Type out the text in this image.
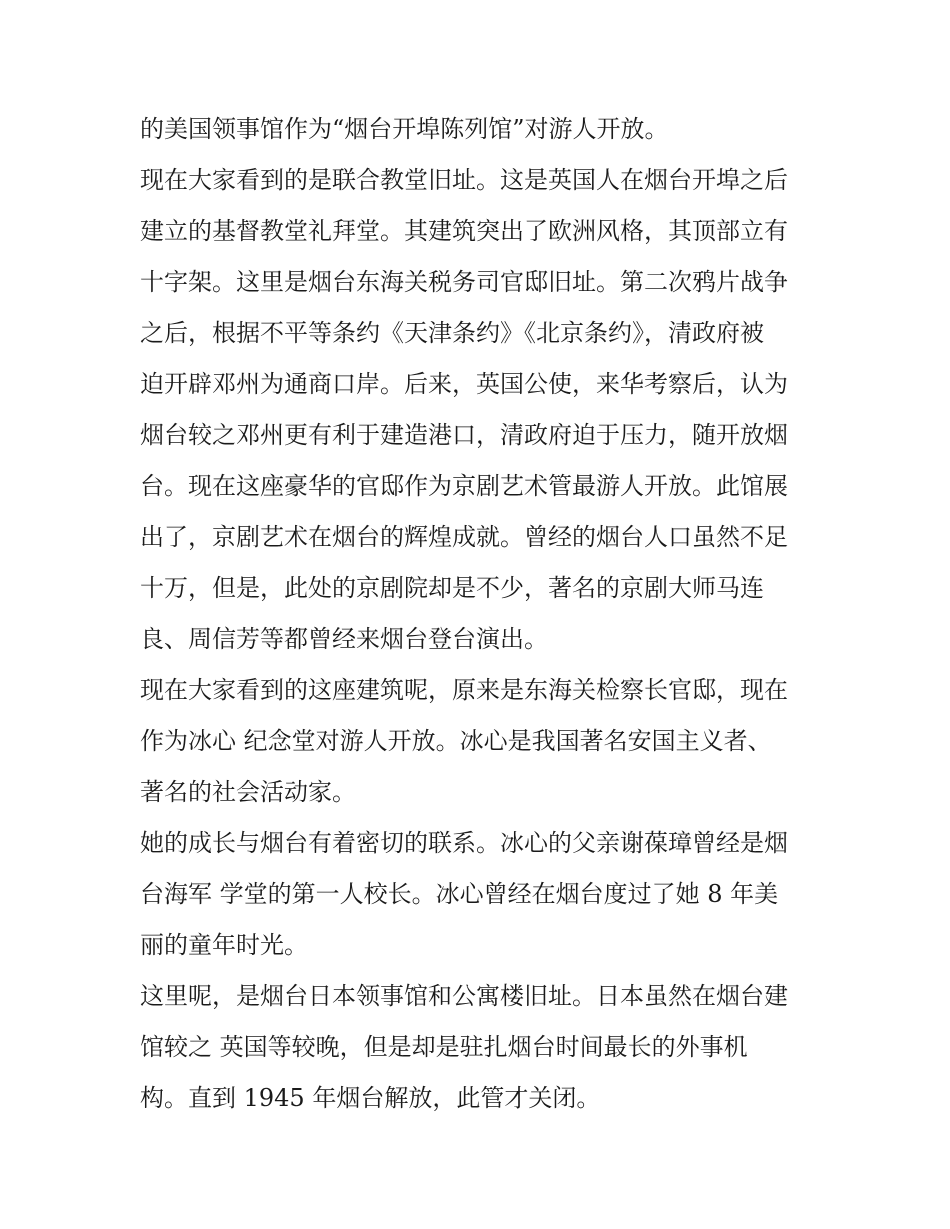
的美国领事馆作为“烟台开埠陈列馆”对游人开放。
现在大家看到的是联合教堂旧址。这是英国人在烟台开埠之后
建立的基督教堂礼拜堂。其建筑突出了欧洲风格，其顶部立有
十字架。这里是烟台东海关税务司官邸旧址。第二次鸦片战争
之后，根据不平等条约《天津条约》《北京条约》，清政府被
迫开辟邓州为通商口岸。后来，英国公使，来华考察后，认为
烟台较之邓州更有利于建造港口，清政府迫于压力，随开放烟
台。现在这座豪华的官邸作为京剧艺术管最游人开放。此馆展
出了，京剧艺术在烟台的辉煌成就。曾经的烟台人口虽然不足
十万，但是，此处的京剧院却是不少，著名的京剧大师马连
良、周信芳等都曾经来烟台登台演出。
现在大家看到的这座建筑呢，原来是东海关检察长官邸，现在
作为冰心 纪念堂对游人开放。冰心是我国著名安国主义者、
著名的社会活动家。
她的成长与烟台有着密切的联系。冰心的父亲谢葆璋曾经是烟
台海军 学堂的第一人校长。冰心曾经在烟台度过了她 8 年美
丽的童年时光。
这里呢，是烟台日本领事馆和公寓楼旧址。日本虽然在烟台建
馆较之 英国等较晚，但是却是驻扎烟台时间最长的外事机
构。直到 1945 年烟台解放，此管才关闭。
